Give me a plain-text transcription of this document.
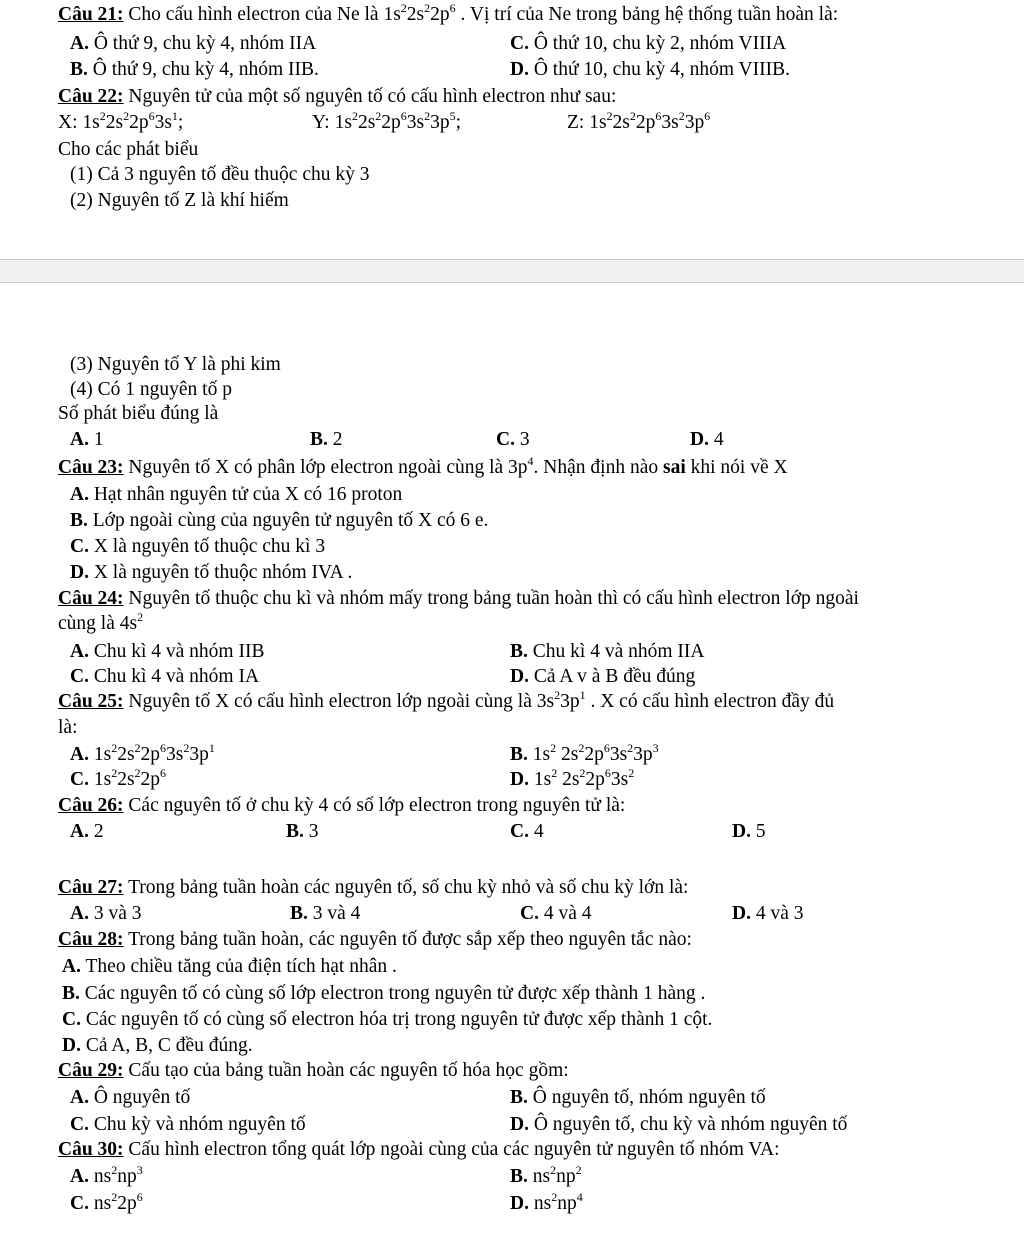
Câu 21: Cho cấu hình electron của Ne là $1s^22s^22p^6$ . Vị trí của Ne trong bảng hệ thống tuần hoàn là:
A. Ô thứ 9, chu kỳ 4, nhóm IIA	C. Ô thứ 10, chu kỳ 2, nhóm VIIIA
B. Ô thứ 9, chu kỳ 4, nhóm IIB.	D. Ô thứ 10, chu kỳ 4, nhóm VIIIB.
Câu 22: Nguyên tử của một số nguyên tố có cấu hình electron như sau:
X: $1s^22s^22p^63s^1$;	Y: $1s^22s^22p^63s^23p^5$;	Z: $1s^22s^22p^63s^23p^6$
Cho các phát biểu
(1) Cả 3 nguyên tố đều thuộc chu kỳ 3
(2) Nguyên tố Z là khí hiếm
(3) Nguyên tố Y là phi kim
(4) Có 1 nguyên tố p
Số phát biểu đúng là
A. 1	B. 2	C. 3	D. 4
Câu 23: Nguyên tố X có phân lớp electron ngoài cùng là $3p^4$. Nhận định nào sai khi nói về X
A. Hạt nhân nguyên tử của X có 16 proton
B. Lớp ngoài cùng của nguyên tử nguyên tố X có 6 e.
C. X là nguyên tố thuộc chu kì 3
D. X là nguyên tố thuộc nhóm IVA .
Câu 24: Nguyên tố thuộc chu kì và nhóm mấy trong bảng tuần hoàn thì có cấu hình electron lớp ngoài
cùng là $4s^2$
A. Chu kì 4 và nhóm IIB	B. Chu kì 4 và nhóm IIA
C. Chu kì 4 và nhóm IA	D. Cả A v à B đều đúng
Câu 25: Nguyên tố X có cấu hình electron lớp ngoài cùng là $3s^23p^1$ . X có cấu hình electron đầy đủ
là:
A. $1s^22s^22p^63s^23p^1$	B. $1s^2$ $2s^22p^63s^23p^3$
C. $1s^22s^22p^6$	D. $1s^2$ $2s^22p^63s^2$
Câu 26: Các nguyên tố ở chu kỳ 4 có số lớp electron trong nguyên tử là:
A. 2	B. 3	C. 4	D. 5
Câu 27: Trong bảng tuần hoàn các nguyên tố, số chu kỳ nhỏ và số chu kỳ lớn là:
A. 3 và 3	B. 3 và 4	C. 4 và 4	D. 4 và 3
Câu 28: Trong bảng tuần hoàn, các nguyên tố được sắp xếp theo nguyên tắc nào:
A. Theo chiều tăng của điện tích hạt nhân .
B. Các nguyên tố có cùng số lớp electron trong nguyên tử được xếp thành 1 hàng .
C. Các nguyên tố có cùng số electron hóa trị trong nguyên tử được xếp thành 1 cột.
D. Cả A, B, C đều đúng.
Câu 29: Cấu tạo của bảng tuần hoàn các nguyên tố hóa học gồm:
A. Ô nguyên tố	B. Ô nguyên tố, nhóm nguyên tố
C. Chu kỳ và nhóm nguyên tố	D. Ô nguyên tố, chu kỳ và nhóm nguyên tố
Câu 30: Cấu hình electron tổng quát lớp ngoài cùng của các nguyên tử nguyên tố nhóm VA:
A. $ns^2np^3$	B. $ns^2np^2$
C. $ns^22p^6$	D. $ns^2np^4$
